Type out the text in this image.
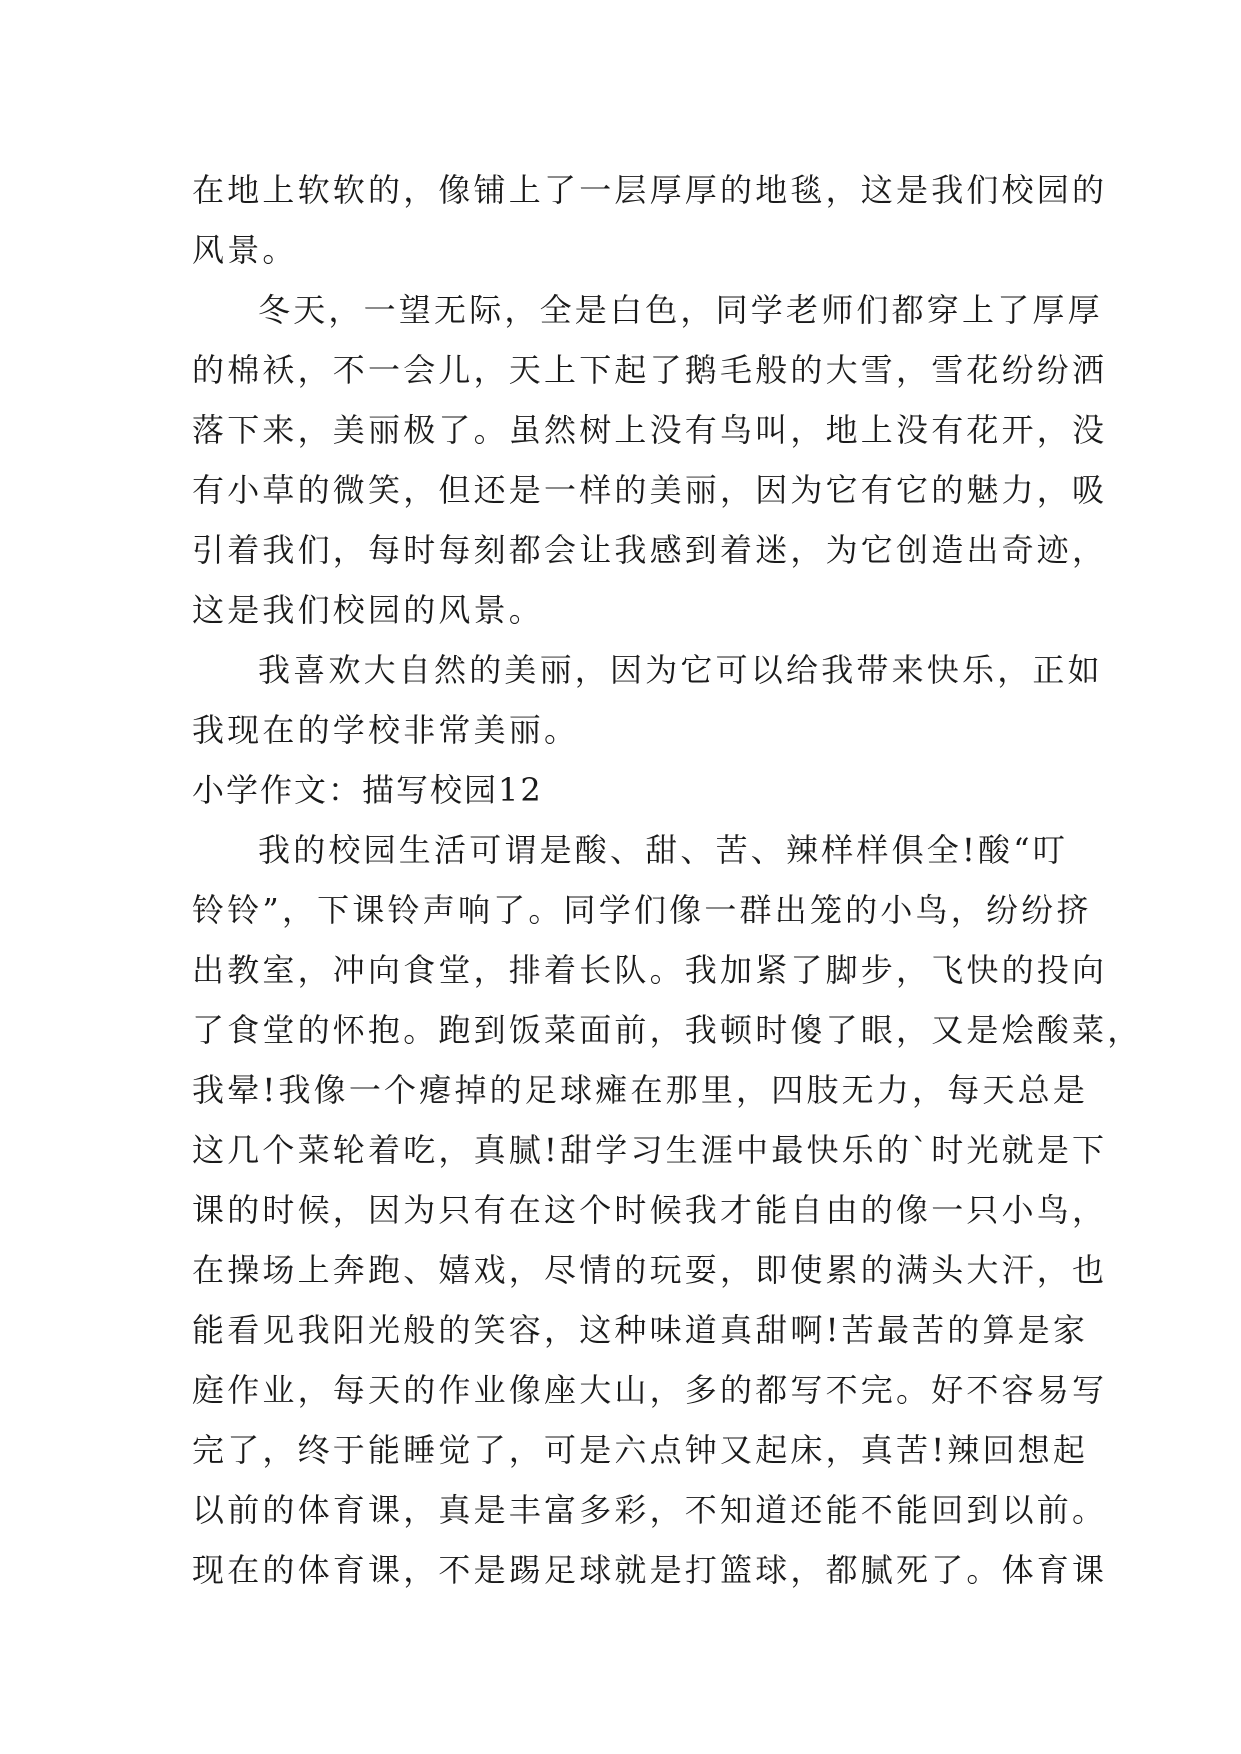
在地上软软的，像铺上了一层厚厚的地毯，这是我们校园的
风景。
冬天，一望无际，全是白色，同学老师们都穿上了厚厚
的棉袄，不一会儿，天上下起了鹅毛般的大雪，雪花纷纷洒
落下来，美丽极了。虽然树上没有鸟叫，地上没有花开，没
有小草的微笑，但还是一样的美丽，因为它有它的魅力，吸
引着我们，每时每刻都会让我感到着迷，为它创造出奇迹，
这是我们校园的风景。
我喜欢大自然的美丽，因为它可以给我带来快乐，正如
我现在的学校非常美丽。
小学作文：描写校园12
我的校园生活可谓是酸、甜、苦、辣样样俱全!酸“叮
铃铃”，下课铃声响了。同学们像一群出笼的小鸟，纷纷挤
出教室，冲向食堂，排着长队。我加紧了脚步，飞快的投向
了食堂的怀抱。跑到饭菜面前，我顿时傻了眼，又是烩酸菜，
我晕!我像一个瘪掉的足球瘫在那里，四肢无力，每天总是
这几个菜轮着吃，真腻!甜学习生涯中最快乐的`时光就是下
课的时候，因为只有在这个时候我才能自由的像一只小鸟，
在操场上奔跑、嬉戏，尽情的玩耍，即使累的满头大汗，也
能看见我阳光般的笑容，这种味道真甜啊!苦最苦的算是家
庭作业，每天的作业像座大山，多的都写不完。好不容易写
完了，终于能睡觉了，可是六点钟又起床，真苦!辣回想起
以前的体育课，真是丰富多彩，不知道还能不能回到以前。
现在的体育课，不是踢足球就是打篮球，都腻死了。体育课
